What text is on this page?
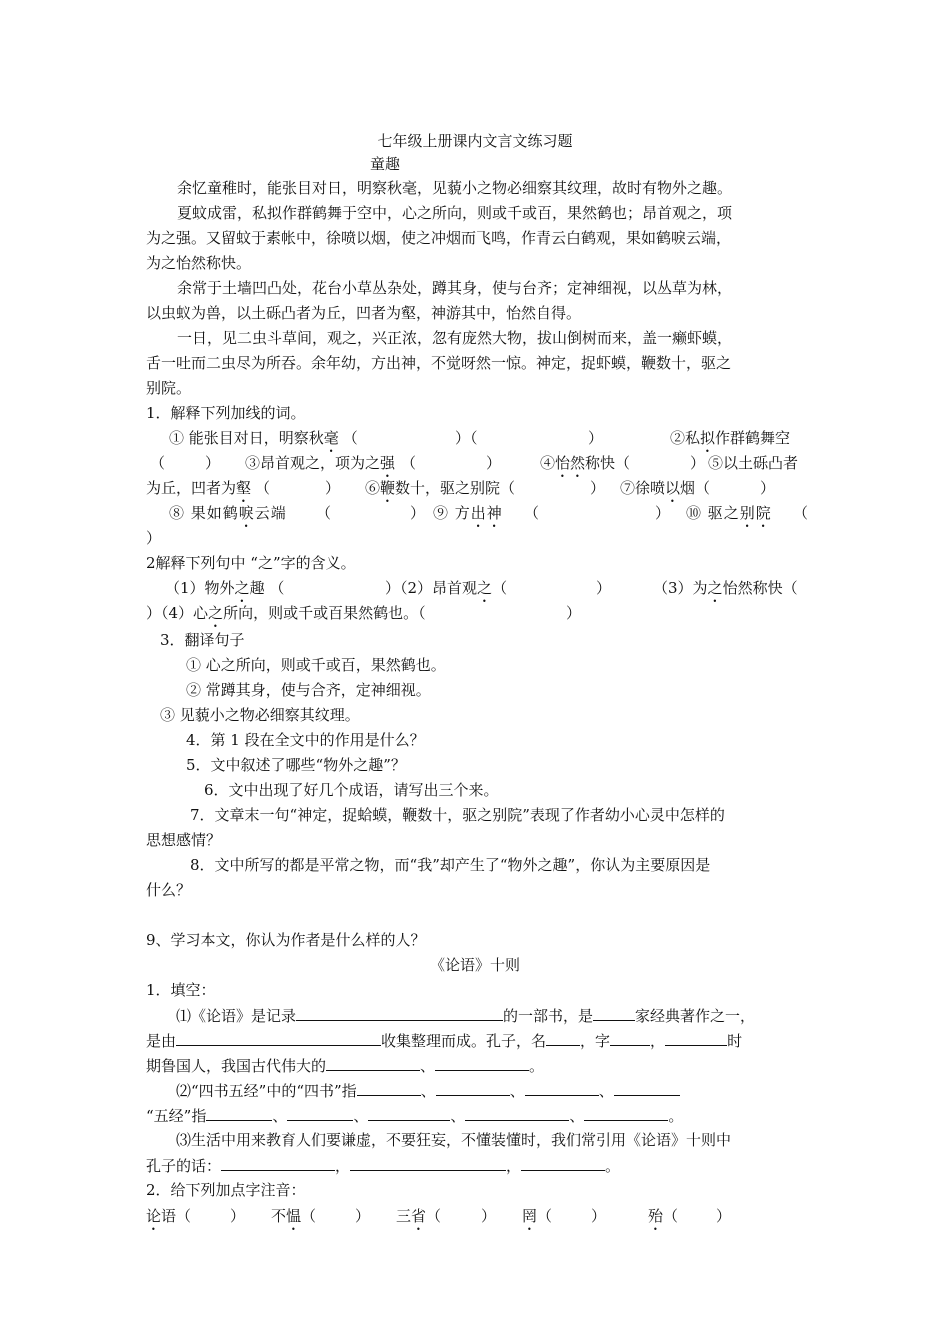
七年级上册课内文言文练习题
童趣
余忆童稚时，能张目对日，明察秋毫，见藐小之物必细察其纹理，故时有物外之趣。
夏蚊成雷，私拟作群鹤舞于空中，心之所向，则或千或百，果然鹤也；昂首观之，项
为之强。又留蚊于素帐中，徐喷以烟，使之冲烟而飞鸣，作青云白鹤观，果如鹤唳云端，
为之怡然称快。
余常于土墙凹凸处，花台小草丛杂处，蹲其身，使与台齐；定神细视，以丛草为林，
以虫蚁为兽，以土砾凸者为丘，凹者为壑，神游其中，怡然自得。
一日，见二虫斗草间，观之，兴正浓，忽有庞然大物，拔山倒树而来，盖一癞虾蟆，
舌一吐而二虫尽为所吞。余年幼，方出神，不觉呀然一惊。神定，捉虾蟆，鞭数十，驱之
别院。
1．解释下列加线的词。
① 能张目对日，明察秋毫 （	）（	）	②私拟作群鹤舞空
（	） ③昂首观之，项为之强 （	）	④怡然称快（	） ⑤以土砾凸者
为丘，凹者为壑 （	） ⑥鞭数十，驱之别院（	） ⑦徐喷以烟（	）
⑧ 果如鹤唳云端 （	） ⑨ 方出神 （	） ⑩ 驱之别院 （
）
2解释下列句中 “之”字的含义。
（1）物外之趣 （	）（2）昂首观之（	）	（3）为之怡然称快（
）（4）心之所向，则或千或百果然鹤也。（	）
3．翻译句子
① 心之所向，则或千或百，果然鹤也。
② 常蹲其身，使与合齐，定神细视。
③ 见藐小之物必细察其纹理。
4．第 1 段在全文中的作用是什么？
5．文中叙述了哪些“物外之趣”？
6．文中出现了好几个成语，请写出三个来。
7．文章末一句“神定，捉蛤蟆，鞭数十，驱之别院”表现了作者幼小心灵中怎样的
思想感情？
8．文中所写的都是平常之物，而“我”却产生了“物外之趣”，你认为主要原因是
什么？
9、学习本文，你认为作者是什么样的人？
《论语》十则
1．填空：
⑴《论语》是记录	的一部书，是	家经典著作之一，
是由	收集整理而成。孔子，名 ，字	，	时
期鲁国人，我国古代伟大的	、	。
⑵“四书五经”中的“四书”指	、	、	、
“五经”指	、	、	、	、	。
⑶生活中用来教育人们要谦虚，不要狂妄，不懂装懂时，我们常引用《论语》十则中
孔子的话：	，	，	。
2．给下列加点字注音：
论语（	） 不愠（	） 三省（	） 罔（	）	殆（	）
